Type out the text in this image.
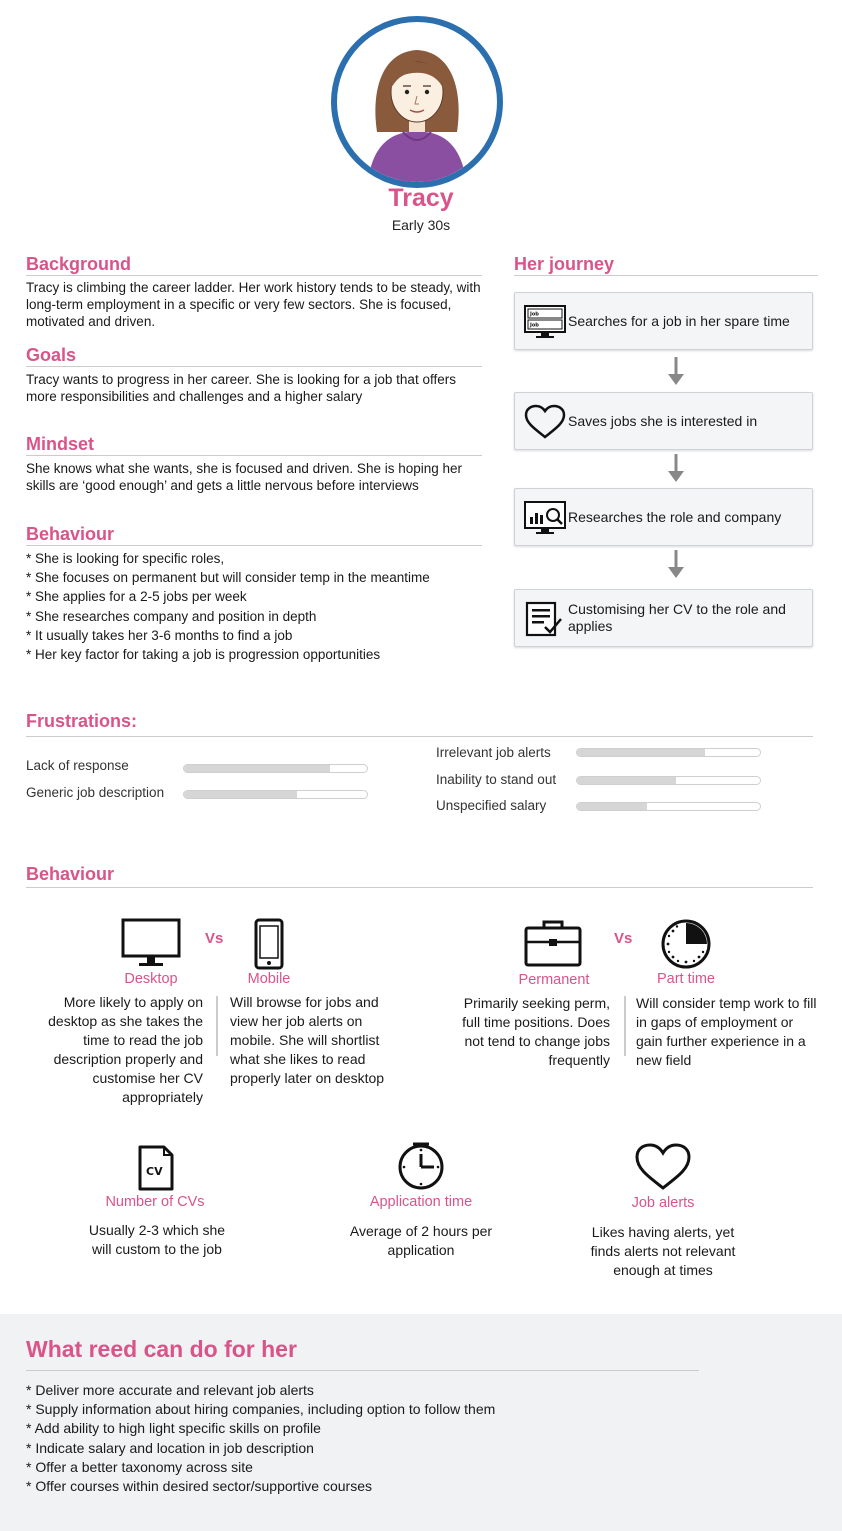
Tracy
Early 30s
Background
Tracy is climbing the career ladder. Her work history tends to be steady, with long-term employment in a specific or very few sectors. She is focused, motivated and driven.
Goals
Tracy wants to progress in her career. She is looking for a job that offers more responsibilities and challenges and a higher salary
Mindset
She knows what she wants, she is focused and driven. She is hoping her skills are ‘good enough’ and gets a little nervous before interviews
Behaviour
* She is looking for specific roles,
* She focuses on permanent but will consider temp in the meantime
* She applies for a 2-5 jobs per week
* She researches company and position in depth
* It usually takes her 3-6 months to find a job
* Her key factor for taking a job is progression opportunities
Her journey
Job
Job Searches for a job in her spare time
Saves jobs she is interested in
Researches the role and company
Customising her CV to the role and applies
Frustrations:
Lack of response
Generic job description
Irrelevant job alerts
Inability to stand out
Unspecified salary
Behaviour
Desktop
More likely to apply on desktop as she takes the time to read the job description properly and customise her CV appropriately
Vs
Mobile
Will browse for jobs and view her job alerts on mobile. She will shortlist what she likes to read properly later on desktop
Permanent
Primarily seeking perm, full time positions. Does not tend to change jobs frequently
Vs
Part time
Will consider temp work to fill in gaps of employment or gain further experience in a new field
CV
Number of CVs
Usually 2-3 which she will custom to the job
Application time
Average of 2 hours per application
Job alerts
Likes having alerts, yet finds alerts not relevant enough at times
What reed can do for her
* Deliver more accurate and relevant job alerts
* Supply information about hiring companies, including option to follow them
* Add ability to high light specific skills on profile
* Indicate salary and location in job description
* Offer a better taxonomy across site
* Offer courses within desired sector/supportive courses
